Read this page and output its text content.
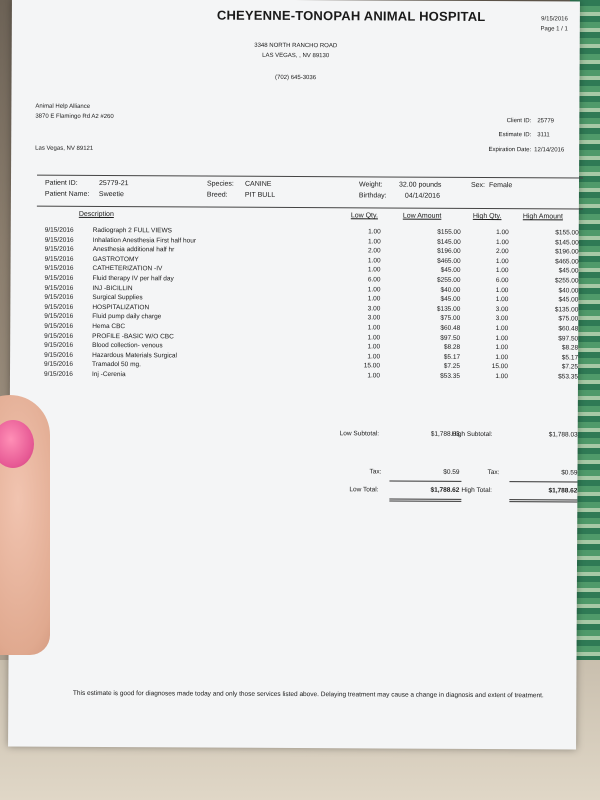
CHEYENNE-TONOPAH ANIMAL HOSPITAL	9/15/2016
Page 1 / 1
3348 NORTH RANCHO ROAD
LAS VEGAS, , NV 89130
(702) 645-3036
Animal Help Alliance
3870 E Flamingo Rd A2 #260
Las Vegas, NV 89121
Client ID: 25779
Estimate ID: 3111
Expiration Date: 12/14/2016
Patient ID:	25779-21
Patient Name: Sweetie
Species: CANINE
Breed: PIT BULL
Weight: 32.00 pounds	Sex: Female
Birthday:	04/14/2016
Description	Low Qty.	Low Amount	High Qty.	High Amount
9/15/2016	Radiograph 2 FULL VIEWS	1.00	$155.00	1.00	$155.00
9/15/2016	Inhalation Anesthesia First half hour	1.00	$145.00	1.00	$145.00
9/15/2016	Anesthesia additional half hr	2.00	$196.00	2.00	$196.00
9/15/2016	GASTROTOMY	1.00	$465.00	1.00	$465.00
9/15/2016	CATHETERIZATION -IV	1.00	$45.00	1.00	$45.00
9/15/2016	Fluid therapy IV per half day	6.00	$255.00	6.00	$255.00
9/15/2016	INJ -BICILLIN	1.00	$40.00	1.00	$40.00
9/15/2016	Surgical Supplies	1.00	$45.00	1.00	$45.00
9/15/2016	HOSPITALIZATION	3.00	$135.00	3.00	$135.00
9/15/2016	Fluid pump daily charge	3.00	$75.00	3.00	$75.00
9/15/2016	Hema CBC	1.00	$60.48	1.00	$60.48
9/15/2016	PROFILE -BASIC W/O CBC	1.00	$97.50	1.00	$97.50
9/15/2016	Blood collection- venous	1.00	$8.28	1.00	$8.28
9/15/2016	Hazardous Materials Surgical	1.00	$5.17	1.00	$5.17
9/15/2016	Tramadol 50 mg.	15.00	$7.25	15.00	$7.25
9/15/2016	Inj -Cerenia	1.00	$53.35	1.00	$53.35
Low Subtotal:	$1,788.03
High Subtotal:	$1,788.03
Tax:	$0.59	Tax:	$0.59
Low Total:	$1,788.62 High Total:	$1,788.62
This estimate is good for diagnoses made today and only those services listed above. Delaying treatment may cause a change in diagnosis and extent of treatment.
